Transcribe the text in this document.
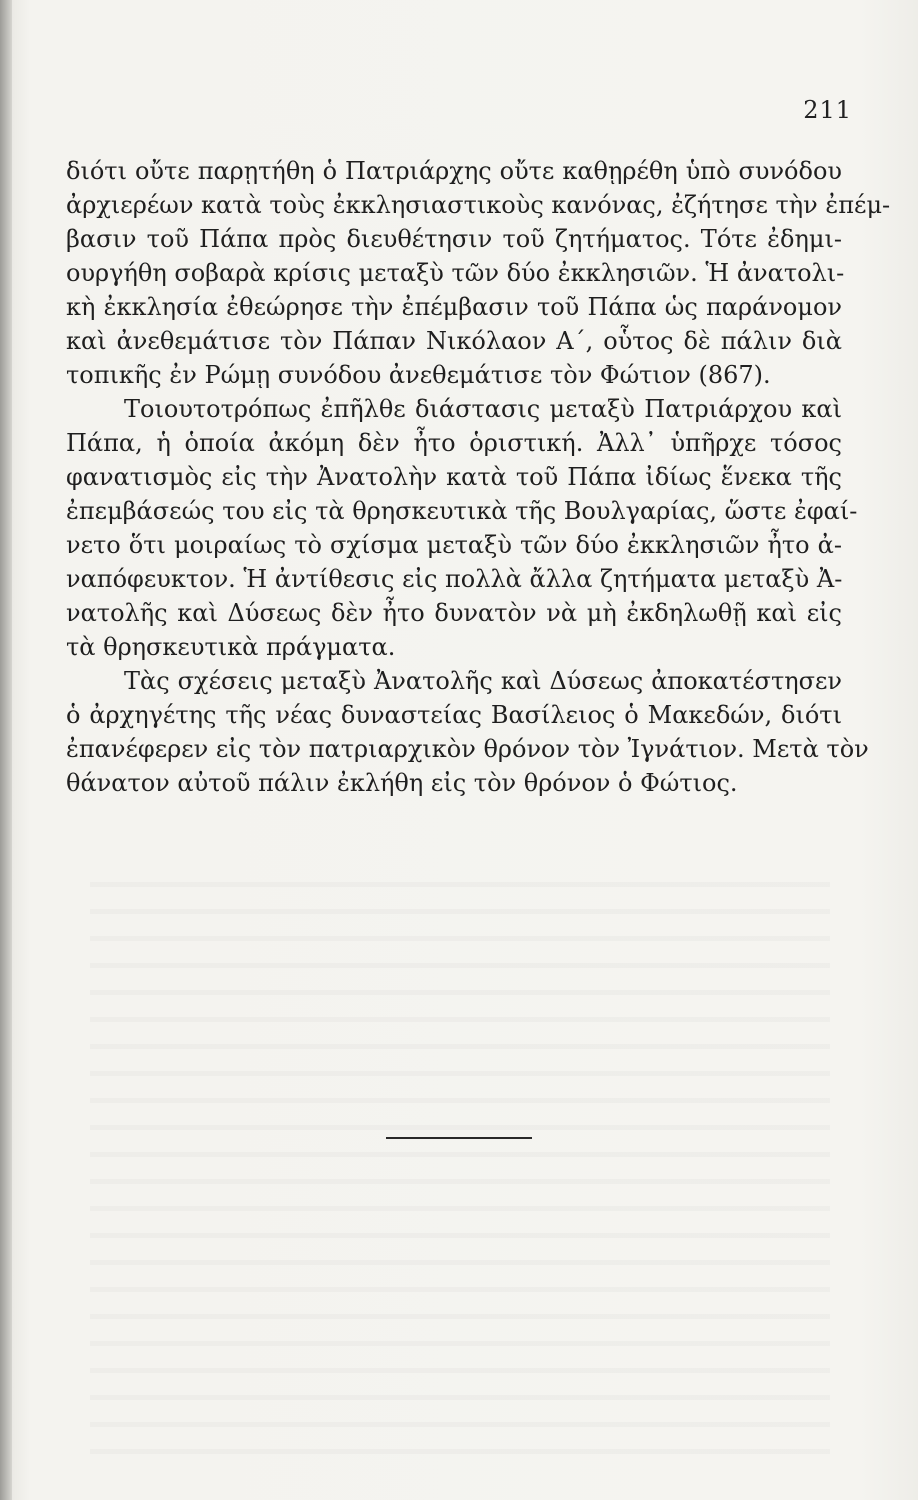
211
διότι οὔτε παρῃτήθη ὁ Πατριάρχης οὔτε καθῃρέθη ὑπὸ συνόδου
ἀρχιερέων κατὰ τοὺς ἐκκλησιαστικοὺς κανόνας, ἐζήτησε τὴν ἐπέμ-
βασιν τοῦ Πάπα πρὸς διευθέτησιν τοῦ ζητήματος. Τότε ἐδημι-
ουργήθη σοβαρὰ κρίσις μεταξὺ τῶν δύο ἐκκλησιῶν. Ἡ ἀνατολι-
κὴ ἐκκλησία ἐθεώρησε τὴν ἐπέμβασιν τοῦ Πάπα ὡς παράνομον
καὶ ἀνεθεμάτισε τὸν Πάπαν Νικόλαον Α΄, οὗτος δὲ πάλιν διὰ
τοπικῆς ἐν Ρώμῃ συνόδου ἀνεθεμάτισε τὸν Φώτιον (867).
Τοιουτοτρόπως ἐπῆλθε διάστασις μεταξὺ Πατριάρχου καὶ
Πάπα, ἡ ὁποία ἀκόμη δὲν ἦτο ὁριστική. Ἀλλ᾿ ὑπῆρχε τόσος
φανατισμὸς εἰς τὴν Ἀνατολὴν κατὰ τοῦ Πάπα ἰδίως ἕνεκα τῆς
ἐπεμβάσεώς του εἰς τὰ θρησκευτικὰ τῆς Βουλγαρίας, ὥστε ἐφαί-
νετο ὅτι μοιραίως τὸ σχίσμα μεταξὺ τῶν δύο ἐκκλησιῶν ἦτο ἀ-
ναπόφευκτον. Ἡ ἀντίθεσις εἰς πολλὰ ἄλλα ζητήματα μεταξὺ Ἀ-
νατολῆς καὶ Δύσεως δὲν ἦτο δυνατὸν νὰ μὴ ἐκδηλωθῇ καὶ εἰς
τὰ θρησκευτικὰ πράγματα.
Τὰς σχέσεις μεταξὺ Ἀνατολῆς καὶ Δύσεως ἀποκατέστησεν
ὁ ἀρχηγέτης τῆς νέας δυναστείας Βασίλειος ὁ Μακεδών, διότι
ἐπανέφερεν εἰς τὸν πατριαρχικὸν θρόνον τὸν Ἰγνάτιον. Μετὰ τὸν
θάνατον αὐτοῦ πάλιν ἐκλήθη εἰς τὸν θρόνον ὁ Φώτιος.
